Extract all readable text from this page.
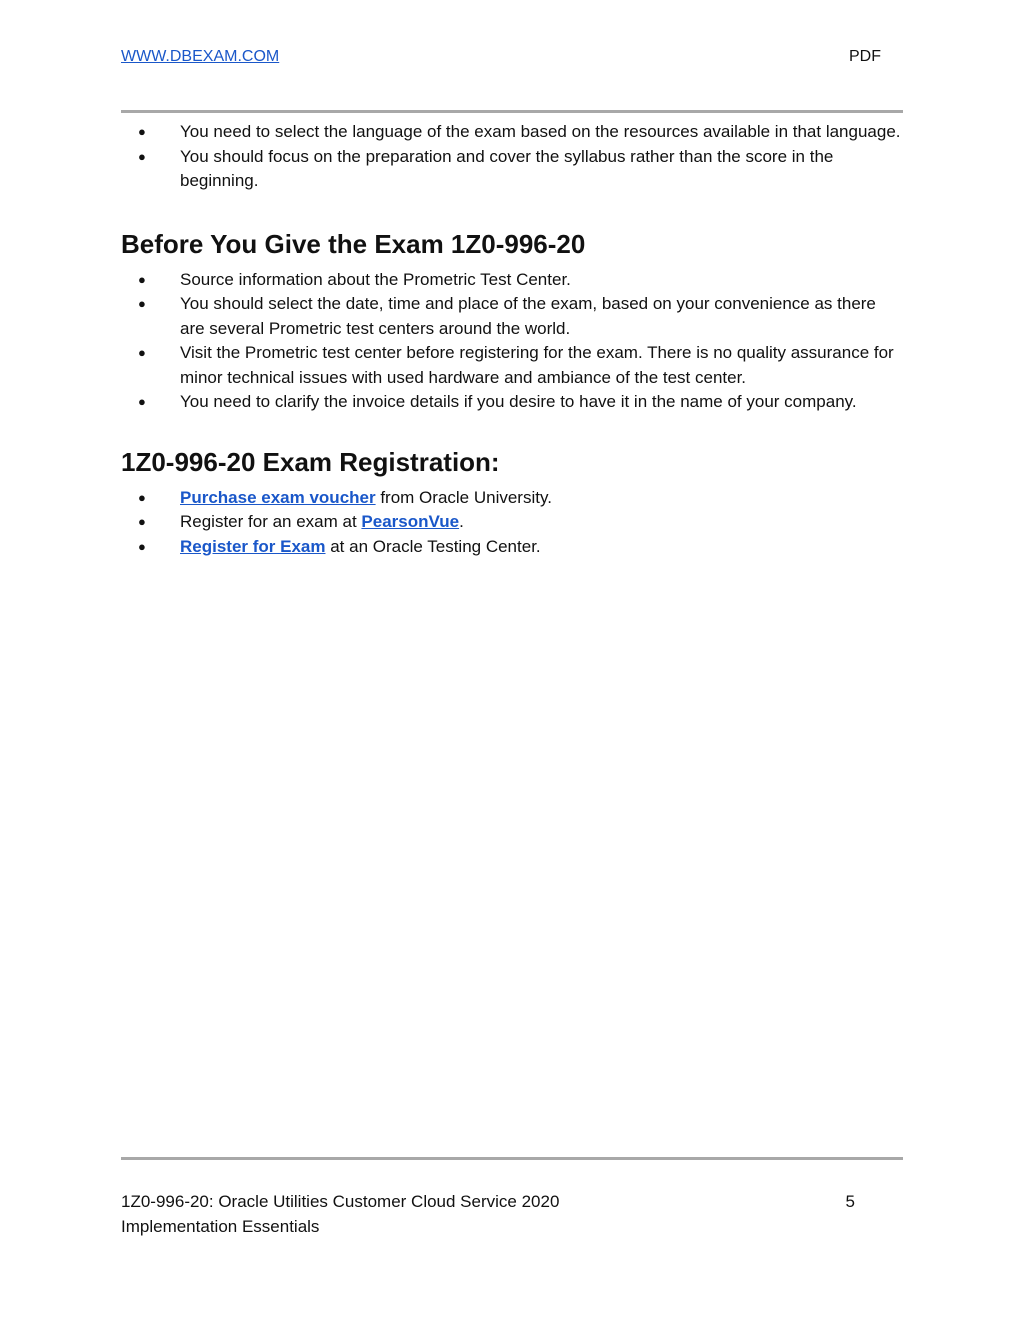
WWW.DBEXAM.COM	PDF
● You need to select the language of the exam based on the resources available in that language.
● You should focus on the preparation and cover the syllabus rather than the score in the beginning.
Before You Give the Exam 1Z0-996-20
● Source information about the Prometric Test Center.
● You should select the date, time and place of the exam, based on your convenience as there are several Prometric test centers around the world.
● Visit the Prometric test center before registering for the exam. There is no quality assurance for minor technical issues with used hardware and ambiance of the test center.
● You need to clarify the invoice details if you desire to have it in the name of your company.
1Z0-996-20 Exam Registration:
● Purchase exam voucher from Oracle University.
● Register for an exam at PearsonVue.
● Register for Exam at an Oracle Testing Center.
1Z0-996-20: Oracle Utilities Customer Cloud Service 2020 Implementation Essentials
5
